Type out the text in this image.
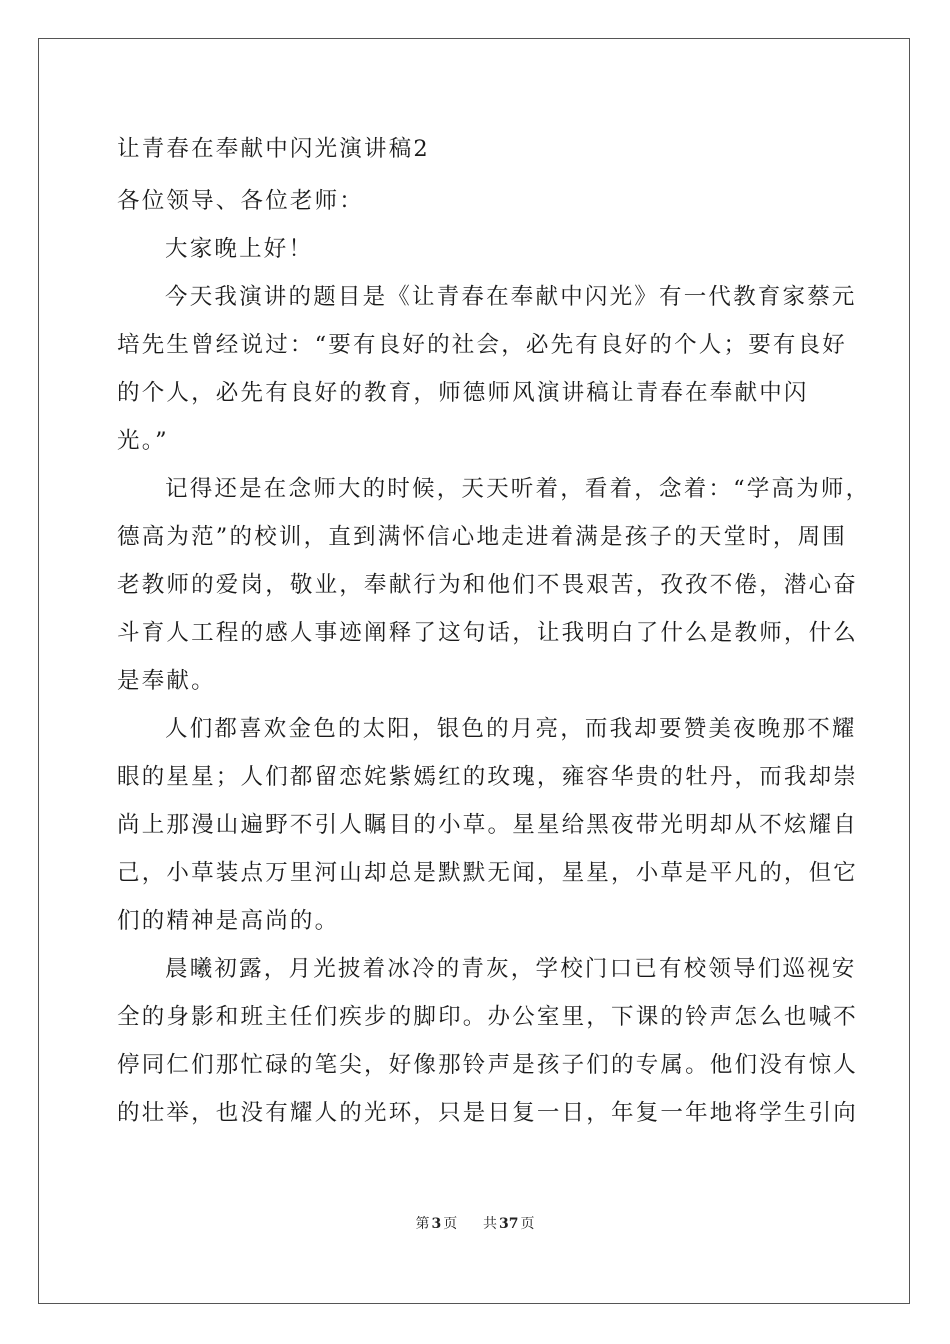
让青春在奉献中闪光演讲稿2
各位领导、各位老师：
大家晚上好！
今天我演讲的题目是《让青春在奉献中闪光》有一代教育家蔡元
培先生曾经说过：“要有良好的社会，必先有良好的个人；要有良好
的个人，必先有良好的教育，师德师风演讲稿让青春在奉献中闪
光。”
记得还是在念师大的时候，天天听着，看着，念着：“学高为师，
德高为范”的校训，直到满怀信心地走进着满是孩子的天堂时，周围
老教师的爱岗，敬业，奉献行为和他们不畏艰苦，孜孜不倦，潜心奋
斗育人工程的感人事迹阐释了这句话，让我明白了什么是教师，什么
是奉献。
人们都喜欢金色的太阳，银色的月亮，而我却要赞美夜晚那不耀
眼的星星；人们都留恋姹紫嫣红的玫瑰，雍容华贵的牡丹，而我却崇
尚上那漫山遍野不引人瞩目的小草。星星给黑夜带光明却从不炫耀自
己，小草装点万里河山却总是默默无闻，星星，小草是平凡的，但它
们的精神是高尚的。
晨曦初露，月光披着冰冷的青灰，学校门口已有校领导们巡视安
全的身影和班主任们疾步的脚印。办公室里，下课的铃声怎么也喊不
停同仁们那忙碌的笔尖，好像那铃声是孩子们的专属。他们没有惊人
的壮举，也没有耀人的光环，只是日复一日，年复一年地将学生引向
第 3 页 共 37 页
